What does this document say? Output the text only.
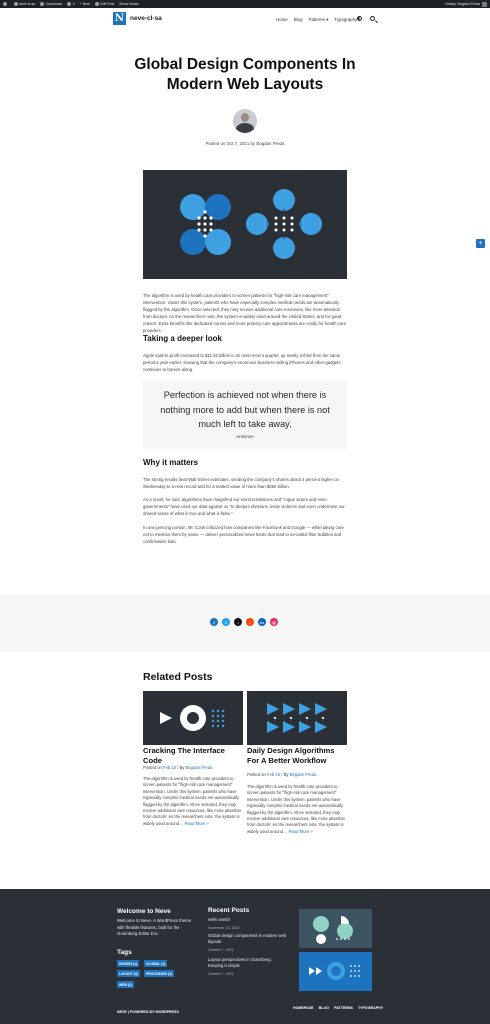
neve-cl-sa	Customize	0 + New	Edit Post Show Hooks	Howdy, Bogdan Preda
N neve-cl-sa	Home Blog Patterns ▾ Typography
Global Design Components In Modern Web Layouts
Posted on Oct 7, 2021 by Bogdan Preda

The algorithm is used by health care providers to screen patients for "high-risk care management" intervention. Under this system, patients who have especially complex medical needs are automatically flagged by the algorithm. Once selected, they may receive additional care resources, like more attention from doctors. As the researchers note, the system is widely used around the United States, and for good reason: Extra benefits like dedicated nurses and more primary care appointments are costly for health care providers.

Taking a deeper look

Apple said its profit increased to $11.52 billion in its most recent quarter, up nearly a third from the same period a year earlier, showing that the company's enormous business selling iPhones and other gadgets continues to breeze along.

Perfection is achieved not when there is nothing more to add but when there is not much left to take away.
Antoinne
Why it matters

The strong results beat Wall Street estimates, sending the company's shares about 4 percent higher on Wednesday to a new record and for a market value of more than $690 billion.

As a result, he said, algorithms have magnified our worst tendencies and "rogue actors and even governments" have used our data against us "to deepen divisions, incite violence and even undermine our shared sense of what is true and what is false."

In one piercing portion, Mr. Cook criticized how companies like Facebook and Google — while taking care not to mention them by name — deliver personalized news feeds that lead to so-called filter bubbles and confirmation bias.

+
f	t	♪	r	in	◎
Related Posts
Cracking The Interface Code
Daily Design Algorithms For A Better Workflow
Posted on Feb 18 / By Bogdan Preda
Posted on Feb 18 / By Bogdan Preda
The algorithm is used by health care providers to screen patients for "high-risk care management" intervention. Under this system, patients who have especially complex medical needs are automatically flagged by the algorithm. Once selected, they may receive additional care resources, like more attention from doctors. As the researchers note, the system is widely used around… Read More »
The algorithm is used by health care providers to screen patients for "high-risk care management" intervention. Under this system, patients who have especially complex medical needs are automatically flagged by the algorithm. Once selected, they may receive additional care resources, like more attention from doctors. As the researchers note, the system is widely used around… Read More »
Welcome to Neve
Welcome to Neve. A WordPress theme with flexible features, built for the Gutenberg Editor Era.
Tags
DESIGN (1)	GLOBAL (1)
LAYOUT (4)	PROCESSES (2)
WEB (1)
Recent Posts
Hello world!
November 23, 2022
Global design components in modern web layouts
October 7, 2021
Layout perspectives in Gutenberg. Keeping it simple
October 7, 2021
HOMEPAGE BLOG PATTERNS TYPOGRAPHY
NEVE | POWERED BY WORDPRESS
